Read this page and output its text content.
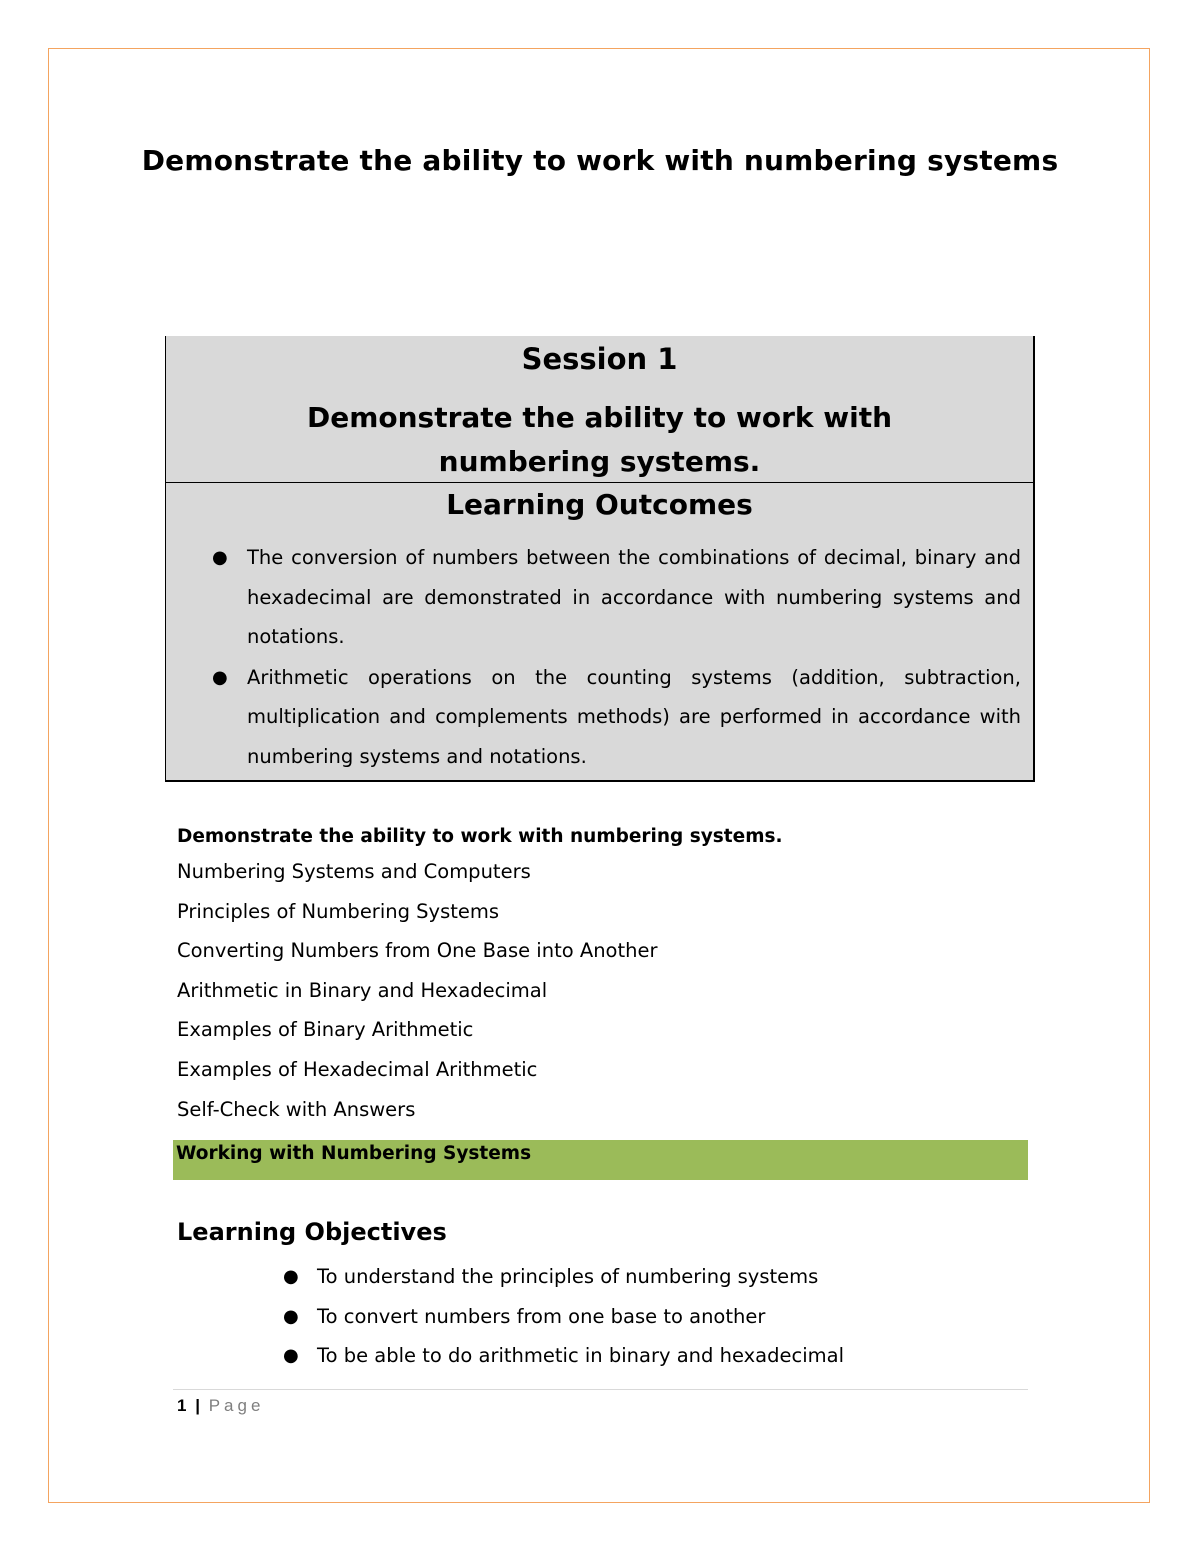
Demonstrate the ability to work with numbering systems
Session 1
Demonstrate the ability to work with numbering systems.
Learning Outcomes
● The conversion of numbers between the combinations of decimal, binary and hexadecimal are demonstrated in accordance with numbering systems and notations.
● Arithmetic operations on the counting systems (addition, subtraction, multiplication and complements methods) are performed in accordance with numbering systems and notations.
Demonstrate the ability to work with numbering systems.
Numbering Systems and Computers
Principles of Numbering Systems
Converting Numbers from One Base into Another
Arithmetic in Binary and Hexadecimal
Examples of Binary Arithmetic
Examples of Hexadecimal Arithmetic
Self-Check with Answers
Working with Numbering Systems
Learning Objectives
● To understand the principles of numbering systems
● To convert numbers from one base to another
● To be able to do arithmetic in binary and hexadecimal
1 | Page
